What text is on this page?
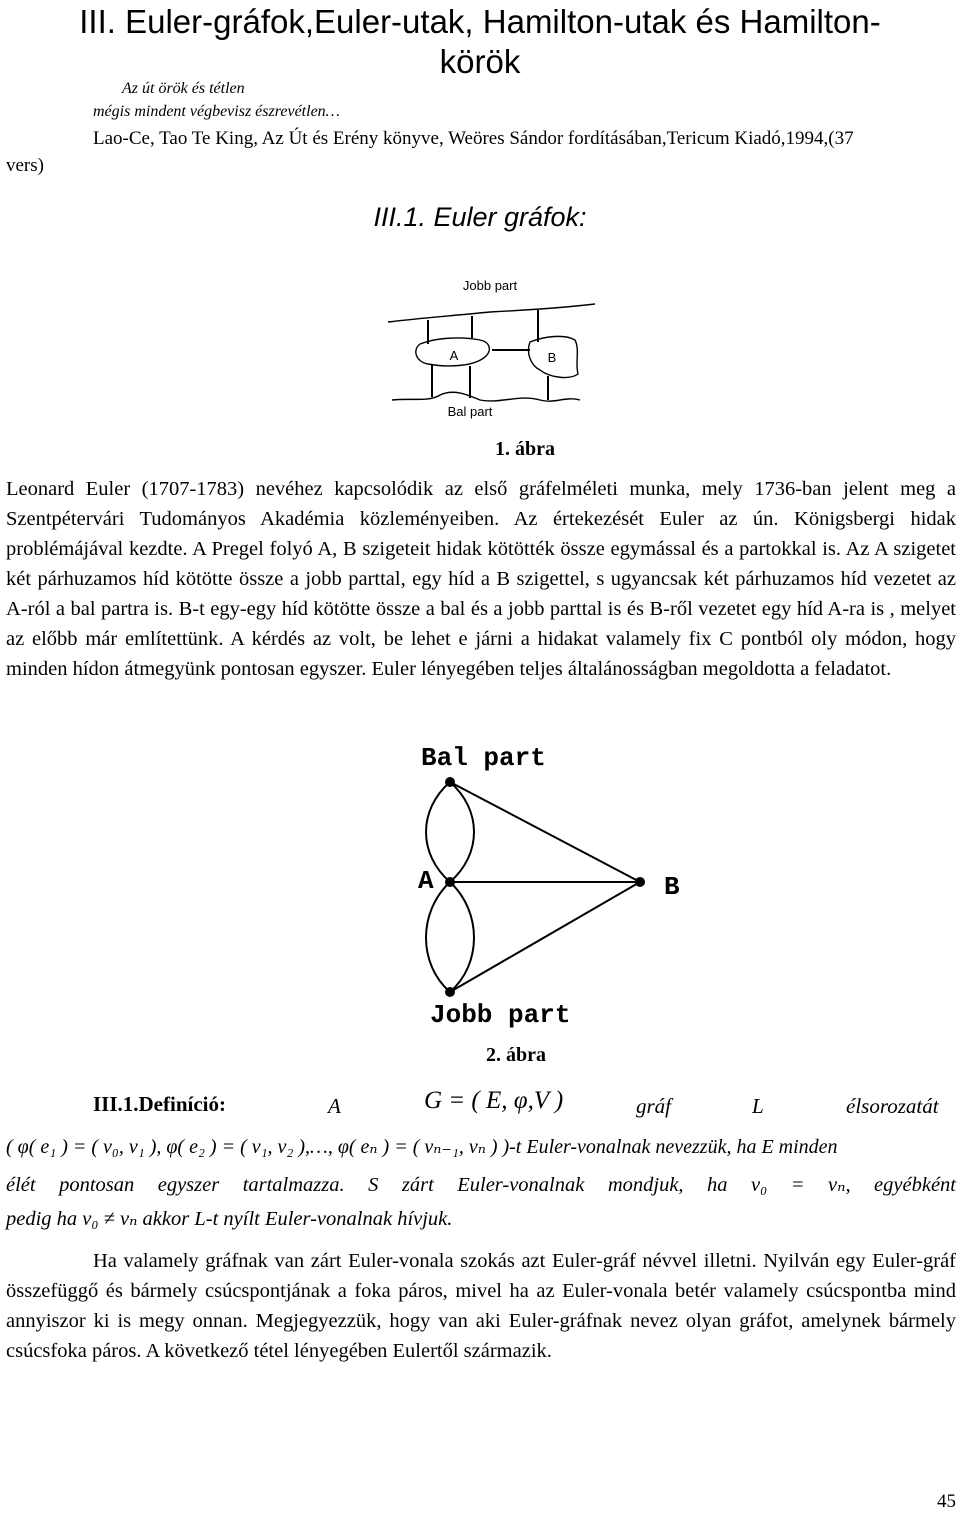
III. Euler-gráfok,Euler-utak, Hamilton-utak és Hamilton-
körök
Az út örök és tétlen
mégis mindent végbevisz észrevétlen…
Lao-Ce, Tao Te King, Az Út és Erény könyve, Weöres Sándor fordításában,Tericum Kiadó,1994,(37
vers)
III.1. Euler gráfok:
Jobb part
A	B
Bal part
1. ábra
Leonard Euler (1707-1783) nevéhez kapcsolódik az első gráfelméleti munka, mely 1736-ban jelent meg a Szentpétervári Tudományos Akadémia közleményeiben. Az értekezését Euler az ún. Königsbergi hidak problémájával kezdte. A Pregel folyó A, B szigeteit hidak kötötték össze egymással és a partokkal is. Az A szigetet két párhuzamos híd kötötte össze a jobb parttal, egy híd a B szigettel, s ugyancsak két párhuzamos híd vezetet az A-ról a bal partra is. B-t egy-egy híd kötötte össze a bal és a jobb parttal is és B-ről vezetet egy híd A-ra is , melyet az előbb már említettünk. A kérdés az volt, be lehet e járni a hidakat valamely fix C pontból oly módon, hogy minden hídon átmegyünk pontosan egyszer. Euler lényegében teljes általánosságban megoldotta a feladatot.
Bal part
A	B
Jobb part
2. ábra
III.1.Definíció:	A	G = ( E, φ,V )	gráf	L	élsorozatát
( φ( e₁ ) = ( v₀, v₁ ), φ( e₂ ) = ( v₁, v₂ ),…, φ( eₙ ) = ( vₙ₋₁, vₙ ) )-t Euler-vonalnak nevezzük, ha E minden
élét pontosan egyszer tartalmazza. S zárt Euler-vonalnak mondjuk, ha v₀ = vₙ, egyébként
pedig ha v₀ ≠ vₙ akkor L-t nyílt Euler-vonalnak hívjuk.
Ha valamely gráfnak van zárt Euler-vonala szokás azt Euler-gráf névvel illetni. Nyilván egy Euler-gráf összefüggő és bármely csúcspontjának a foka páros, mivel ha az Euler-vonala betér valamely csúcspontba mind annyiszor ki is megy onnan. Megjegyezzük, hogy van aki Euler-gráfnak nevez olyan gráfot, amelynek bármely csúcsfoka páros. A következő tétel lényegében Eulertől származik.
45
